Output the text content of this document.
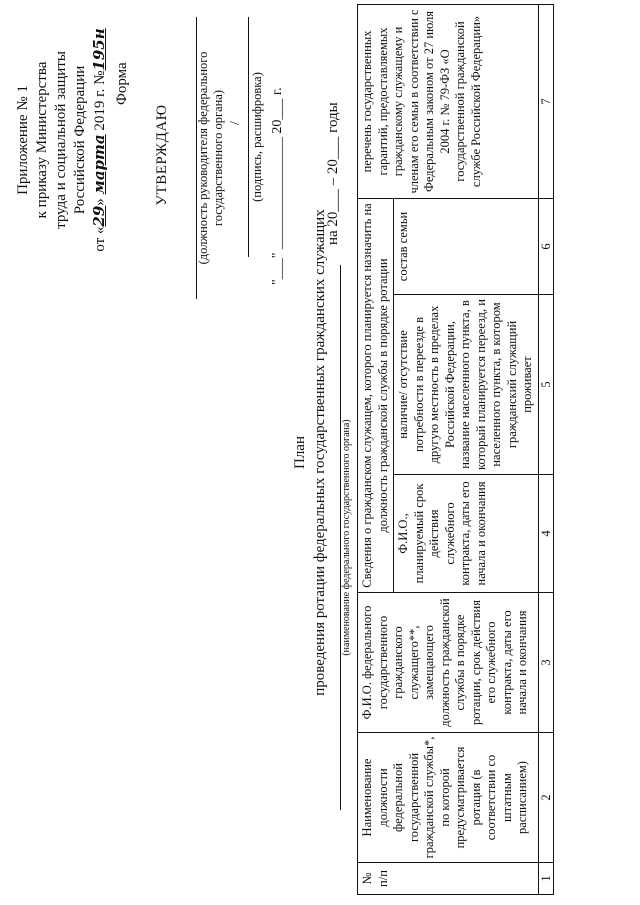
Приложение № 1 к приказу Министерства труда и социальной защиты Российской Федерации
от «29» марта 2019 г. №195н
Форма
УТВЕРЖДАЮ (должность руководителя федерального государственного органа) / (подпись, расшифровка) "___" ________________ 20___ г.
План проведения ротации федеральных государственных гражданских служащих
на 20___ – 20___ годы
(наименование федерального государственного органа)
№ п/п	Наименование должности федеральной государственной гражданской службы*, по которой предусматривается ротация (в соответствии со штатным расписанием)	Ф.И.О. федерального государственного гражданского служащего**, замещающего должность гражданской службы в порядке ротации, срок действия его служебного контракта, даты его начала и окончания	Сведения о гражданском служащем, которого планируется назначить на должность гражданской службы в порядке ротации			перечень государственных гарантий, предоставляемых гражданскому служащему и членам его семьи в соответствии с Федеральным законом от 27 июля 2004 г. № 79-ФЗ «О государственной гражданской службе Российской Федерации»
			Ф.И.О., планируемый срок действия служебного контракта, даты его начала и окончания	наличие/ отсутствие потребности в переезде в другую местность в пределах Российской Федерации, название населенного пункта, в который планируется переезд, и населенного пункта, в котором гражданский служащий проживает	состав семьи	
1	2	3	4	5	6	7
